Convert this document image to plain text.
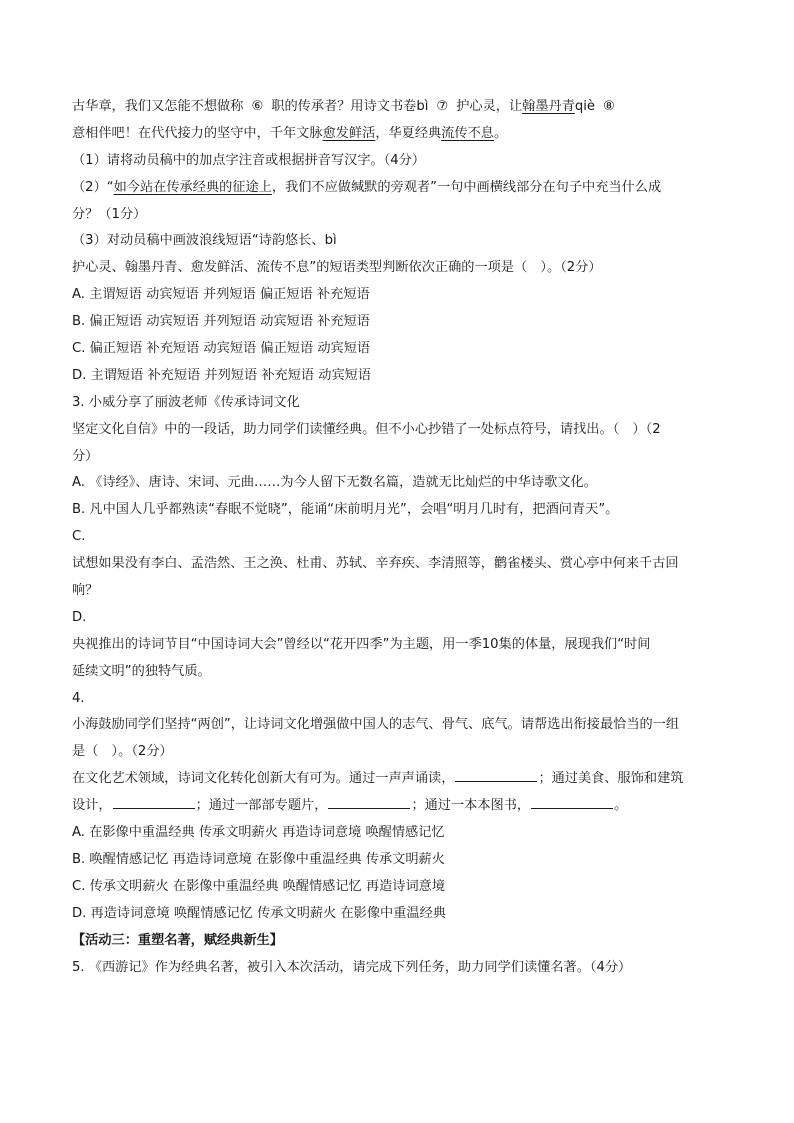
古华章，我们又怎能不想做称 ⑥ 职的传承者？用诗文书卷bì ⑦ 护心灵，让翰墨丹青qiè ⑧
意相伴吧！在代代接力的坚守中，千年文脉愈发鲜活，华夏经典流传不息。
（1）请将动员稿中的加点字注音或根据拼音写汉字。（4分）
（2）“如今站在传承经典的征途上，我们不应做缄默的旁观者”一句中画横线部分在句子中充当什么成
分？（1分）
（3）对动员稿中画波浪线短语“诗韵悠长、bì
护心灵、翰墨丹青、愈发鲜活、流传不息”的短语类型判断依次正确的一项是（　）。（2分）
A. 主谓短语 动宾短语 并列短语 偏正短语 补充短语
B. 偏正短语 动宾短语 并列短语 动宾短语 补充短语
C. 偏正短语 补充短语 动宾短语 偏正短语 动宾短语
D. 主谓短语 补充短语 并列短语 补充短语 动宾短语
3. 小威分享了丽波老师《传承诗词文化
坚定文化自信》中的一段话，助力同学们读懂经典。但不小心抄错了一处标点符号，请找出。（　）（2
分）
A. 《诗经》、唐诗、宋词、元曲……为今人留下无数名篇，造就无比灿烂的中华诗歌文化。
B. 凡中国人几乎都熟读“春眠不觉晓”，能诵“床前明月光”，会唱“明月几时有，把酒问青天”。
C.
试想如果没有李白、孟浩然、王之涣、杜甫、苏轼、辛弃疾、李清照等，鹳雀楼头、赏心亭中何来千古回
响？
D.
央视推出的诗词节目“中国诗词大会”曾经以“花开四季”为主题，用一季10集的体量，展现我们“时间
延续文明”的独特气质。
4.
小海鼓励同学们坚持“两创”，让诗词文化增强做中国人的志气、骨气、底气。请帮选出衔接最恰当的一组
是（　）。（2分）
在文化艺术领域，诗词文化转化创新大有可为。通过一声声诵读，	；通过美食、服饰和建筑
设计，	；通过一部部专题片，	；通过一本本图书，	。
A. 在影像中重温经典 传承文明薪火 再造诗词意境 唤醒情感记忆
B. 唤醒情感记忆 再造诗词意境 在影像中重温经典 传承文明薪火
C. 传承文明薪火 在影像中重温经典 唤醒情感记忆 再造诗词意境
D. 再造诗词意境 唤醒情感记忆 传承文明薪火 在影像中重温经典
【活动三：重塑名著，赋经典新生】
5. 《西游记》作为经典名著，被引入本次活动，请完成下列任务，助力同学们读懂名著。（4分）
